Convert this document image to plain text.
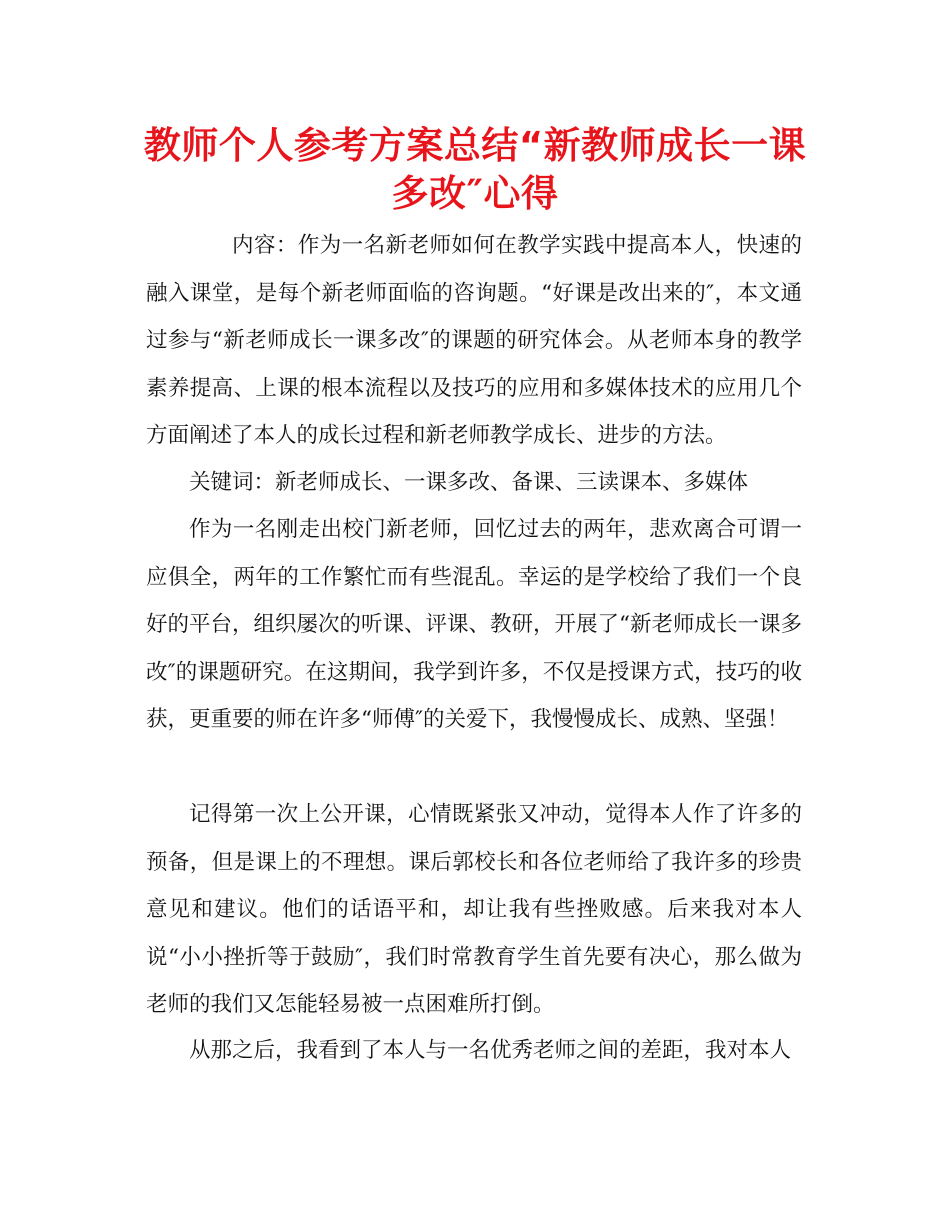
教师个人参考方案总结“新教师成长一课多改″心得

内容：作为一名新老师如何在教学实践中提高本人，快速的融入课堂，是每个新老师面临的咨询题。“好课是改出来的″，本文通过参与“新老师成长一课多改″的课题的研究体会。从老师本身的教学素养提高、上课的根本流程以及技巧的应用和多媒体技术的应用几个方面阐述了本人的成长过程和新老师教学成长、进步的方法。

关键词：新老师成长、一课多改、备课、三读课本、多媒体

作为一名刚走出校门新老师，回忆过去的两年，悲欢离合可谓一应俱全，两年的工作繁忙而有些混乱。幸运的是学校给了我们一个良好的平台，组织屡次的听课、评课、教研，开展了“新老师成长一课多改″的课题研究。在这期间，我学到许多，不仅是授课方式，技巧的收获，更重要的师在许多“师傅″的关爱下，我慢慢成长、成熟、坚强！

记得第一次上公开课，心情既紧张又冲动，觉得本人作了许多的预备，但是课上的不理想。课后郭校长和各位老师给了我许多的珍贵意见和建议。他们的话语平和，却让我有些挫败感。后来我对本人说“小小挫折等于鼓励″，我们时常教育学生首先要有决心，那么做为老师的我们又怎能轻易被一点困难所打倒。

从那之后，我看到了本人与一名优秀老师之间的差距，我对本人
